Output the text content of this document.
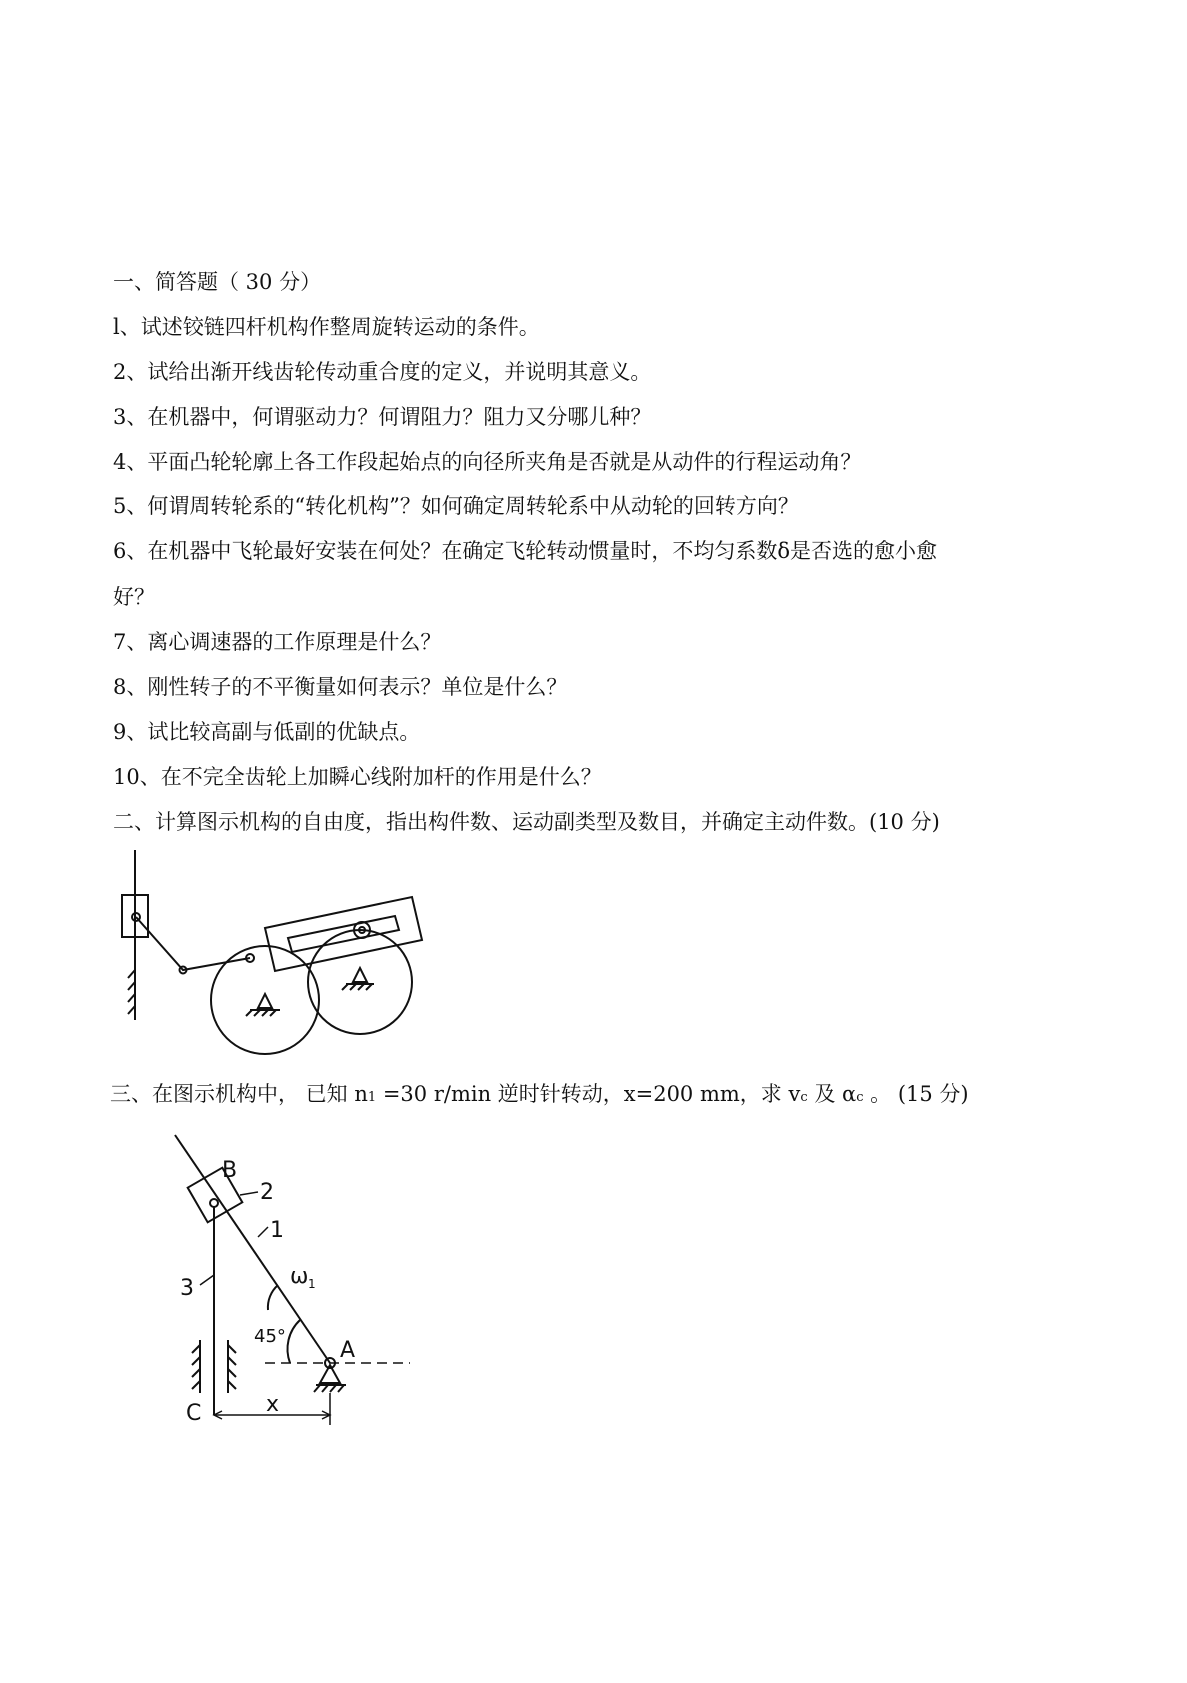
一、简答题（ 30 分）
l、试述铰链四杆机构作整周旋转运动的条件。
2、试给出渐开线齿轮传动重合度的定义，并说明其意义。
3、在机器中，何谓驱动力？何谓阻力？阻力又分哪儿种？
4、平面凸轮轮廓上各工作段起始点的向径所夹角是否就是从动件的行程运动角？
5、何谓周转轮系的“转化机构”？如何确定周转轮系中从动轮的回转方向？
6、在机器中飞轮最好安装在何处？在确定飞轮转动惯量时，不均匀系数δ是否选的愈小愈
好？
7、离心调速器的工作原理是什么？
8、刚性转子的不平衡量如何表示？单位是什么？
9、试比较高副与低副的优缺点。
10、在不完全齿轮上加瞬心线附加杆的作用是什么？
二、计算图示机构的自由度，指出构件数、运动副类型及数目，并确定主动件数。(10 分)
三、在图示机构中， 已知 n1 =30 r/min 逆时针转动，x=200 mm，求 vc 及 αc 。 (15 分)
B
2
1
ω 1
3
45°
A
C	x
